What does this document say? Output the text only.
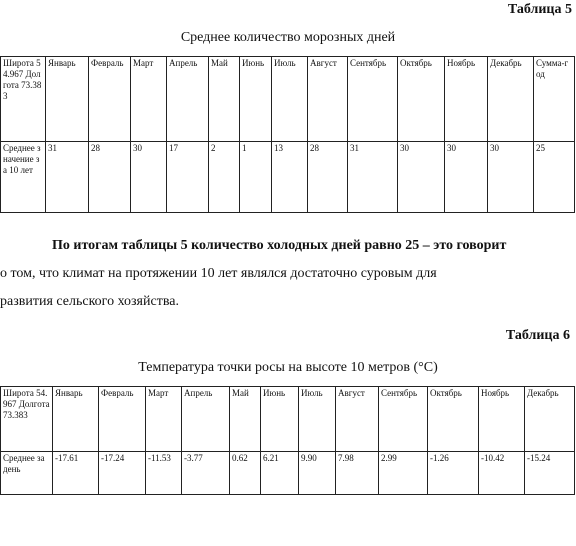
Таблица 5
Среднее количество морозных дней
Широта 54.967 Долгота 73.383	Январь	Февраль	Март	Апрель	Май	Июнь	Июль	Август	Сентябрь	Октябрь	Ноябрь	Декабрь	Сумма-год
Среднее значение за 10 лет	31	28	30	17	2	1	13	28	31	30	30	30	25

По итогам таблицы 5 количество холодных дней равно 25 – это говорит

о том, что климат на протяжении 10 лет являлся достаточно суровым для

развития сельского хозяйства.

Таблица 6
Температура точки росы на высоте 10 метров (°C)
Широта 54.967 Долгота 73.383	Январь	Февраль	Март	Апрель	Май	Июнь	Июль	Август	Сентябрь	Октябрь	Ноябрь	Декабрь
Среднее за день	-17.61	-17.24	-11.53	-3.77	0.62	6.21	9.90	7.98	2.99	-1.26	-10.42	-15.24
